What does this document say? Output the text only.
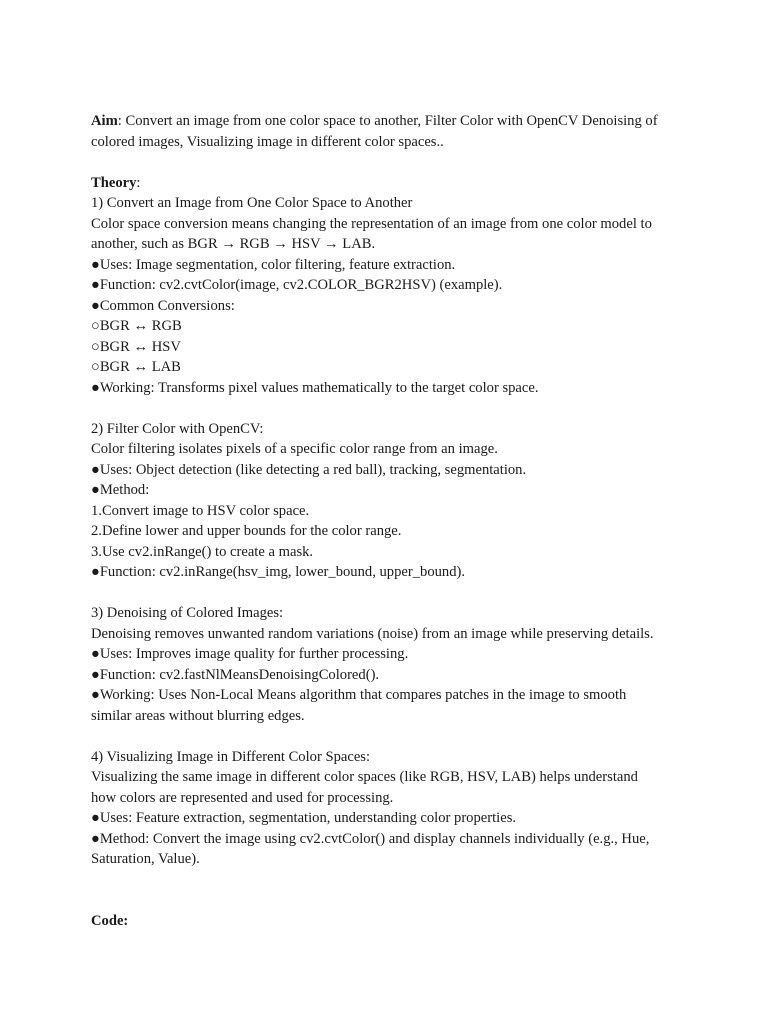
Aim: Convert an image from one color space to another, Filter Color with OpenCV Denoising of colored images, Visualizing image in different color spaces..
Theory:
1) Convert an Image from One Color Space to Another
Color space conversion means changing the representation of an image from one color model to
another, such as BGR → RGB → HSV → LAB.
●Uses: Image segmentation, color filtering, feature extraction.
●Function: cv2.cvtColor(image, cv2.COLOR_BGR2HSV) (example).
●Common Conversions:
○BGR ↔ RGB
○BGR ↔ HSV
○BGR ↔ LAB
●Working: Transforms pixel values mathematically to the target color space.
2) Filter Color with OpenCV:
Color filtering isolates pixels of a specific color range from an image.
●Uses: Object detection (like detecting a red ball), tracking, segmentation.
●Method:
1.Convert image to HSV color space.
2.Define lower and upper bounds for the color range.
3.Use cv2.inRange() to create a mask.
●Function: cv2.inRange(hsv_img, lower_bound, upper_bound).
3) Denoising of Colored Images:
Denoising removes unwanted random variations (noise) from an image while preserving details.
●Uses: Improves image quality for further processing.
●Function: cv2.fastNlMeansDenoisingColored().
●Working: Uses Non-Local Means algorithm that compares patches in the image to smooth
similar areas without blurring edges.
4) Visualizing Image in Different Color Spaces:
Visualizing the same image in different color spaces (like RGB, HSV, LAB) helps understand
how colors are represented and used for processing.
●Uses: Feature extraction, segmentation, understanding color properties.
●Method: Convert the image using cv2.cvtColor() and display channels individually (e.g., Hue,
Saturation, Value).
Code:
